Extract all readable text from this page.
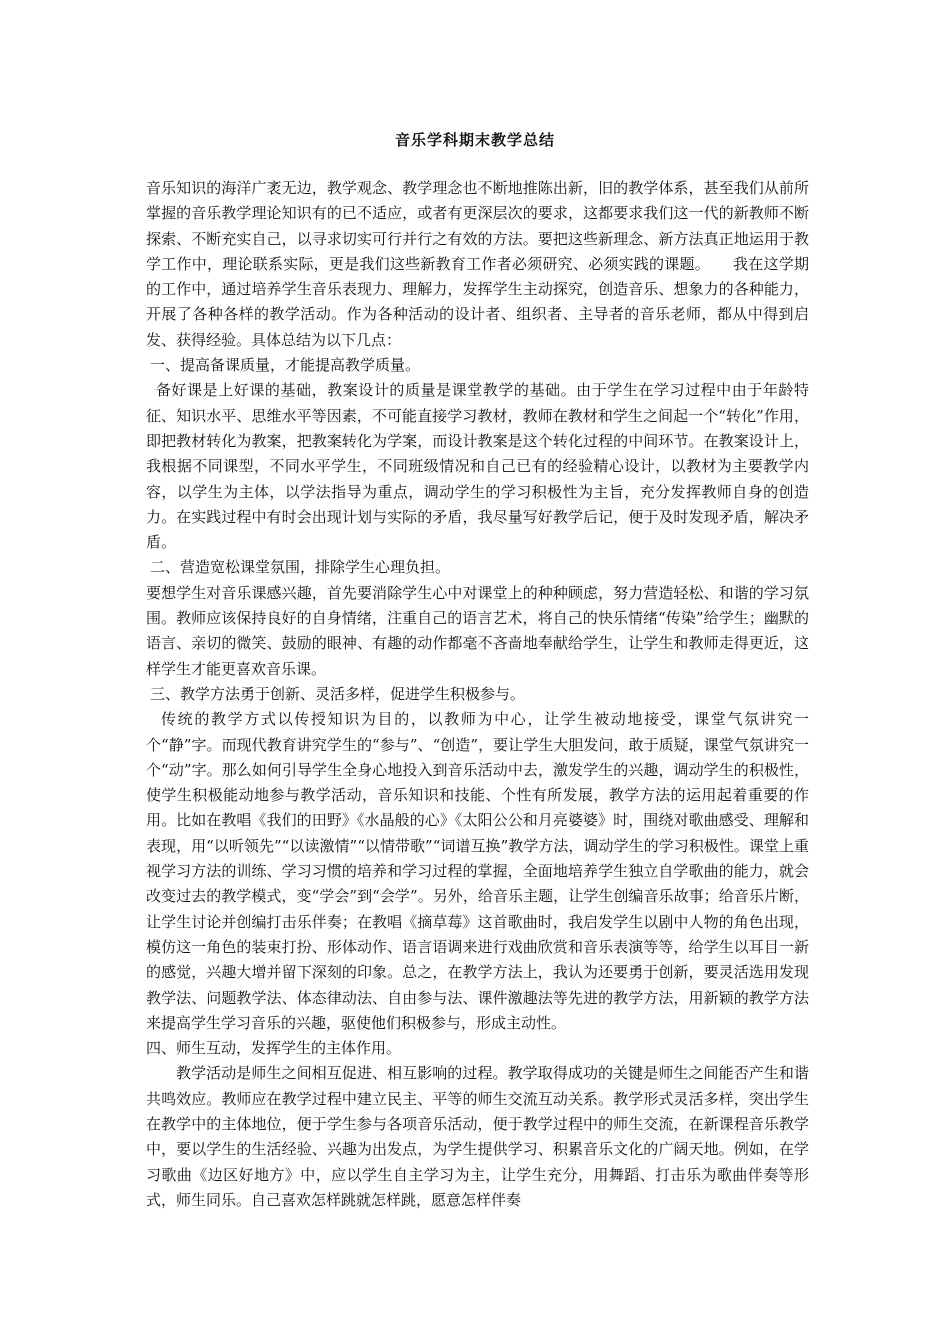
音乐学科期末教学总结

音乐知识的海洋广袤无边，教学观念、教学理念也不断地推陈出新，旧的教学体系，甚至我们从前所掌握的音乐教学理论知识有的已不适应，或者有更深层次的要求，这都要求我们这一代的新教师不断探索、不断充实自己，以寻求切实可行并行之有效的方法。要把这些新理念、新方法真正地运用于教学工作中，理论联系实际，更是我们这些新教育工作者必须研究、必须实践的课题。　　我在这学期的工作中，通过培养学生音乐表现力、理解力，发挥学生主动探究，创造音乐、想象力的各种能力，开展了各种各样的教学活动。作为各种活动的设计者、组织者、主导者的音乐老师，都从中得到启发、获得经验。具体总结为以下几点：

一、提高备课质量，才能提高教学质量。

备好课是上好课的基础，教案设计的质量是课堂教学的基础。由于学生在学习过程中由于年龄特征、知识水平、思维水平等因素，不可能直接学习教材，教师在教材和学生之间起一个“转化”作用，即把教材转化为教案，把教案转化为学案，而设计教案是这个转化过程的中间环节。在教案设计上，我根据不同课型，不同水平学生，不同班级情况和自己已有的经验精心设计，以教材为主要教学内容，以学生为主体，以学法指导为重点，调动学生的学习积极性为主旨，充分发挥教师自身的创造力。在实践过程中有时会出现计划与实际的矛盾，我尽量写好教学后记，便于及时发现矛盾，解决矛盾。

二、营造宽松课堂氛围，排除学生心理负担。

要想学生对音乐课感兴趣，首先要消除学生心中对课堂上的种种顾虑，努力营造轻松、和谐的学习氛围。教师应该保持良好的自身情绪，注重自己的语言艺术，将自己的快乐情绪“传染”给学生；幽默的语言、亲切的微笑、鼓励的眼神、有趣的动作都毫不吝啬地奉献给学生，让学生和教师走得更近，这样学生才能更喜欢音乐课。

三、教学方法勇于创新、灵活多样，促进学生积极参与。

传统的教学方式以传授知识为目的，以教师为中心，让学生被动地接受，课堂气氛讲究一个“静”字。而现代教育讲究学生的“参与”、“创造”，要让学生大胆发问，敢于质疑，课堂气氛讲究一个“动”字。那么如何引导学生全身心地投入到音乐活动中去，激发学生的兴趣，调动学生的积极性，使学生积极能动地参与教学活动，音乐知识和技能、个性有所发展，教学方法的运用起着重要的作用。比如在教唱《我们的田野》《水晶般的心》《太阳公公和月亮婆婆》时，围绕对歌曲感受、理解和表现，用“以听领先”“以读激情”“以情带歌”“词谱互换”教学方法，调动学生的学习积极性。课堂上重视学习方法的训练、学习习惯的培养和学习过程的掌握，全面地培养学生独立自学歌曲的能力，就会改变过去的教学模式，变“学会”到“会学”。另外，给音乐主题，让学生创编音乐故事；给音乐片断，让学生讨论并创编打击乐伴奏；在教唱《摘草莓》这首歌曲时，我启发学生以剧中人物的角色出现，模仿这一角色的装束打扮、形体动作、语言语调来进行戏曲欣赏和音乐表演等等，给学生以耳目一新的感觉，兴趣大增并留下深刻的印象。总之，在教学方法上，我认为还要勇于创新，要灵活选用发现教学法、问题教学法、体态律动法、自由参与法、课件激趣法等先进的教学方法，用新颖的教学方法来提高学生学习音乐的兴趣，驱使他们积极参与，形成主动性。

四、师生互动，发挥学生的主体作用。

教学活动是师生之间相互促进、相互影响的过程。教学取得成功的关键是师生之间能否产生和谐共鸣效应。教师应在教学过程中建立民主、平等的师生交流互动关系。教学形式灵活多样，突出学生在教学中的主体地位，便于学生参与各项音乐活动，便于教学过程中的师生交流，在新课程音乐教学中，要以学生的生活经验、兴趣为出发点，为学生提供学习、积累音乐文化的广阔天地。例如，在学习歌曲《边区好地方》中，应以学生自主学习为主，让学生充分，用舞蹈、打击乐为歌曲伴奏等形式，师生同乐。自己喜欢怎样跳就怎样跳，愿意怎样伴奏
